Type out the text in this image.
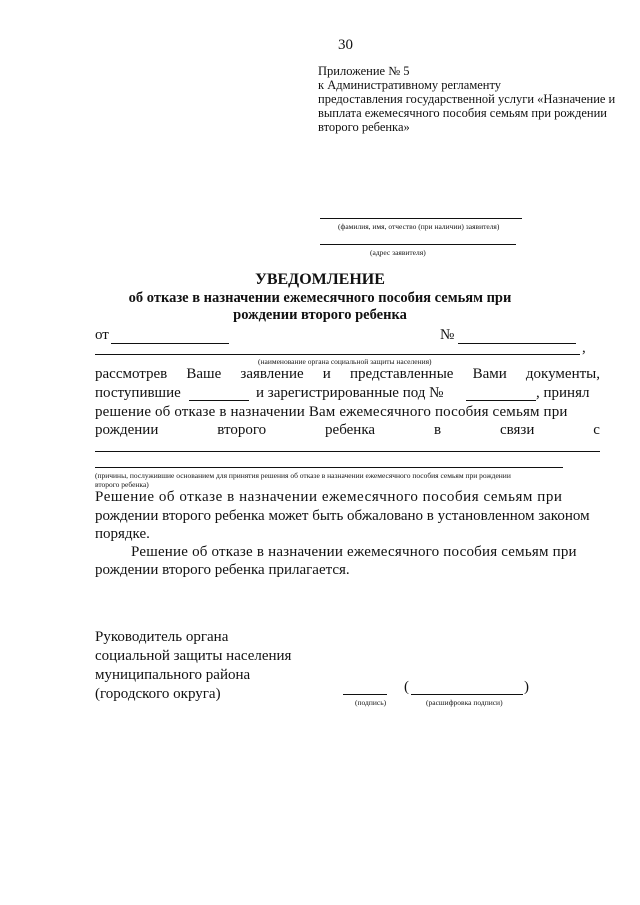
30
Приложение № 5
к Административному регламенту
предоставления государственной услуги «Назначение и
выплата ежемесячного пособия семьям при рождении
второго ребенка»
(фамилия, имя, отчество (при наличии) заявителя)
(адрес заявителя)
УВЕДОМЛЕНИЕ
об отказе в назначении ежемесячного пособия семьям при
рождении второго ребенка
от	№
,
(наименование органа социальной защиты населения)
рассмотрев Ваше заявление и представленные Вами документы,
поступившие	и зарегистрированные под №	, принял
решение об отказе в назначении Вам ежемесячного пособия семьям при
рождении	второго	ребенка	в	связи	с
(причины, послужившие основанием для принятия решения об отказе в назначении ежемесячного пособия семьям при рождении
второго ребенка)
Решение об отказе в назначении ежемесячного пособия семьям при
рождении второго ребенка может быть обжаловано в установленном законом
порядке.
Решение об отказе в назначении ежемесячного пособия семьям при
рождении второго ребенка прилагается.
Руководитель органа
социальной защиты населения
муниципального района
(городского округа)	(	)
(подпись)	(расшифровка подписи)
